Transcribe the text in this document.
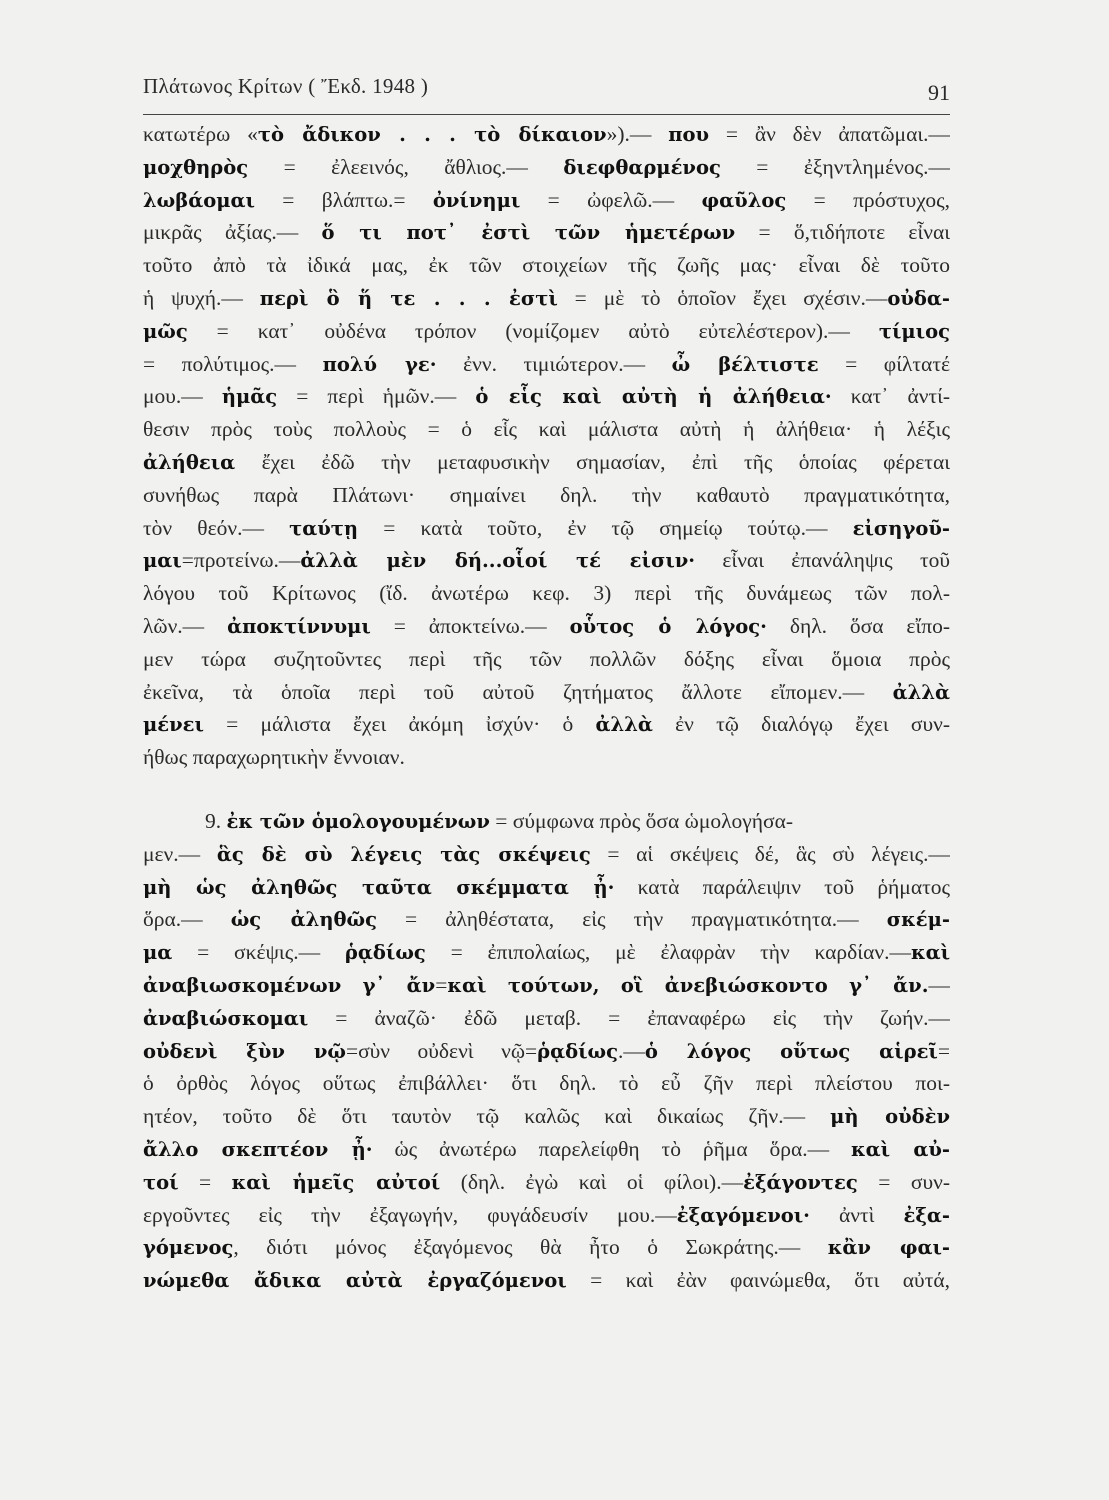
Πλάτωνος Κρίτων ( Ἔκδ. 1948 )	91
κατωτέρω «τὸ ἄδικον . . . τὸ δίκαιον»).— που = ἂν δὲν ἀπατῶμαι.—
μοχθηρὸς = ἐλεεινός, ἄθλιος.— διεφθαρμένος = ἐξηντλημένος.—
λωβάομαι = βλάπτω.= ὀνίνημι = ὠφελῶ.— φαῦλος = πρόστυχος,
μικρᾶς ἀξίας.— ὅ τι ποτ᾽ ἐστὶ τῶν ἡμετέρων = ὅ,τιδήποτε εἶναι
τοῦτο ἀπὸ τὰ ἰδικά μας, ἐκ τῶν στοιχείων τῆς ζωῆς μας· εἶναι δὲ τοῦτο
ἡ ψυχή.— περὶ ὃ ἥ τε . . . ἐστὶ = μὲ τὸ ὁποῖον ἔχει σχέσιν.—οὐδα-
μῶς = κατ᾽ οὐδένα τρόπον (νομίζομεν αὐτὸ εὐτελέστερον).— τίμιος
= πολύτιμος.— πολύ γε· ἐνν. τιμιώτερον.— ὦ βέλτιστε = φίλτατέ
μου.— ἡμᾶς = περὶ ἡμῶν.— ὁ εἷς καὶ αὐτὴ ἡ ἀλήθεια· κατ᾽ ἀντί-
θεσιν πρὸς τοὺς πολλοὺς = ὁ εἷς καὶ μάλιστα αὐτὴ ἡ ἀλήθεια· ἡ λέξις
ἀλήθεια ἔχει ἐδῶ τὴν μεταφυσικὴν σημασίαν, ἐπὶ τῆς ὁποίας φέρεται
συνήθως παρὰ Πλάτωνι· σημαίνει δηλ. τὴν καθαυτὸ πραγματικότητα,
τὸν θεόν.— ταύτῃ = κατὰ τοῦτο, ἐν τῷ σημείῳ τούτῳ.— εἰσηγοῦ-
μαι=προτείνω.—ἀλλὰ μὲν δή...οἷοί τέ εἰσιν· εἶναι ἐπανάληψις τοῦ
λόγου τοῦ Κρίτωνος (ἴδ. ἀνωτέρω κεφ. 3) περὶ τῆς δυνάμεως τῶν πολ-
λῶν.— ἀποκτίννυμι = ἀποκτείνω.— οὗτος ὁ λόγος· δηλ. ὅσα εἴπο-
μεν τώρα συζητοῦντες περὶ τῆς τῶν πολλῶν δόξης εἶναι ὅμοια πρὸς
ἐκεῖνα, τὰ ὁποῖα περὶ τοῦ αὐτοῦ ζητήματος ἄλλοτε εἴπομεν.— ἀλλὰ
μένει = μάλιστα ἔχει ἀκόμη ἰσχύν· ὁ ἀλλὰ ἐν τῷ διαλόγῳ ἔχει συν-
ήθως παραχωρητικὴν ἔννοιαν.
9. ἐκ τῶν ὁμολογουμένων = σύμφωνα πρὸς ὅσα ὡμολογήσα-
μεν.— ἃς δὲ σὺ λέγεις τὰς σκέψεις = αἱ σκέψεις δέ, ἃς σὺ λέγεις.—
μὴ ὡς ἀληθῶς ταῦτα σκέμματα ᾖ· κατὰ παράλειψιν τοῦ ῥήματος
ὅρα.— ὡς ἀληθῶς = ἀληθέστατα, εἰς τὴν πραγματικότητα.— σκέμ-
μα = σκέψις.— ῥᾳδίως = ἐπιπολαίως, μὲ ἐλαφρὰν τὴν καρδίαν.—καὶ
ἀναβιωσκομένων γ᾽ ἄν=καὶ τούτων, οἳ ἀνεβιώσκοντο γ᾽ ἄν.—
ἀναβιώσκομαι = ἀναζῶ· ἐδῶ μεταβ. = ἐπαναφέρω εἰς τὴν ζωήν.—
οὐδενὶ ξὺν νῷ=σὺν οὐδενὶ νῷ=ῥᾳδίως.—ὁ λόγος οὕτως αἱρεῖ=
ὁ ὀρθὸς λόγος οὕτως ἐπιβάλλει· ὅτι δηλ. τὸ εὖ ζῆν περὶ πλείστου ποι-
ητέον, τοῦτο δὲ ὅτι ταυτὸν τῷ καλῶς καὶ δικαίως ζῆν.— μὴ οὐδὲν
ἄλλο σκεπτέον ᾖ· ὡς ἀνωτέρω παρελείφθη τὸ ῥῆμα ὅρα.— καὶ αὐ-
τοί = καὶ ἡμεῖς αὐτοί (δηλ. ἐγὼ καὶ οἱ φίλοι).—ἐξάγοντες = συν-
εργοῦντες εἰς τὴν ἐξαγωγήν, φυγάδευσίν μου.—ἐξαγόμενοι· ἀντὶ ἐξα-
γόμενος, διότι μόνος ἐξαγόμενος θὰ ἦτο ὁ Σωκράτης.— κἂν φαι-
νώμεθα ἄδικα αὐτὰ ἐργαζόμενοι = καὶ ἐὰν φαινώμεθα, ὅτι αὐτά,
